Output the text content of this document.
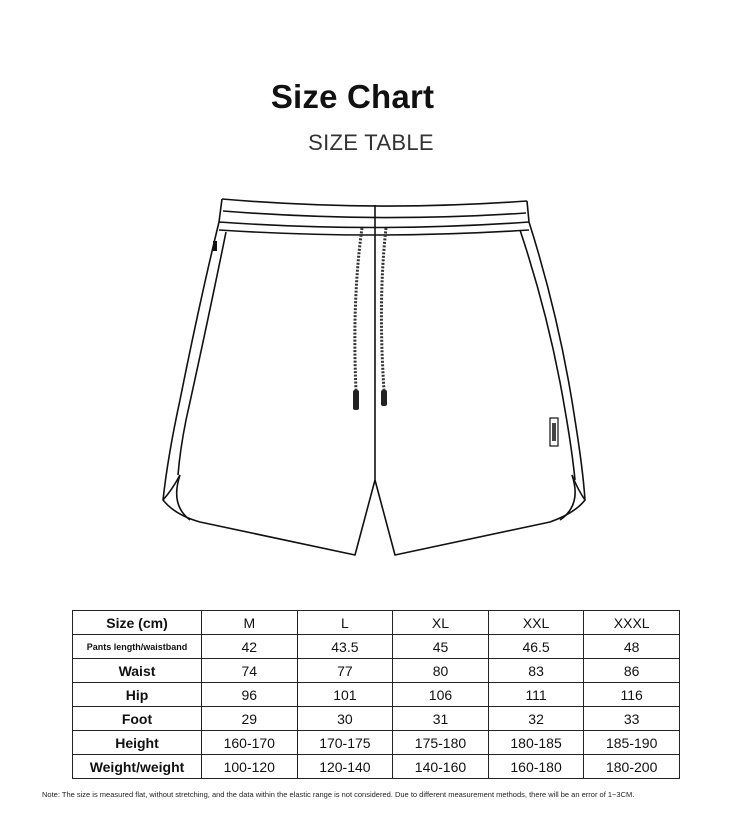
Size Chart
SIZE TABLE
Size (cm)	M	L	XL	XXL	XXXL
Pants length/waistband	42	43.5	45	46.5	48
Waist	74	77	80	83	86
Hip	96	101	106	111	116
Foot	29	30	31	32	33
Height	160-170	170-175	175-180	180-185	185-190
Weight/weight	100-120	120-140	140-160	160-180	180-200
Note: The size is measured flat, without stretching, and the data within the elastic range is not considered. Due to different measurement methods, there will be an error of 1~3CM.
